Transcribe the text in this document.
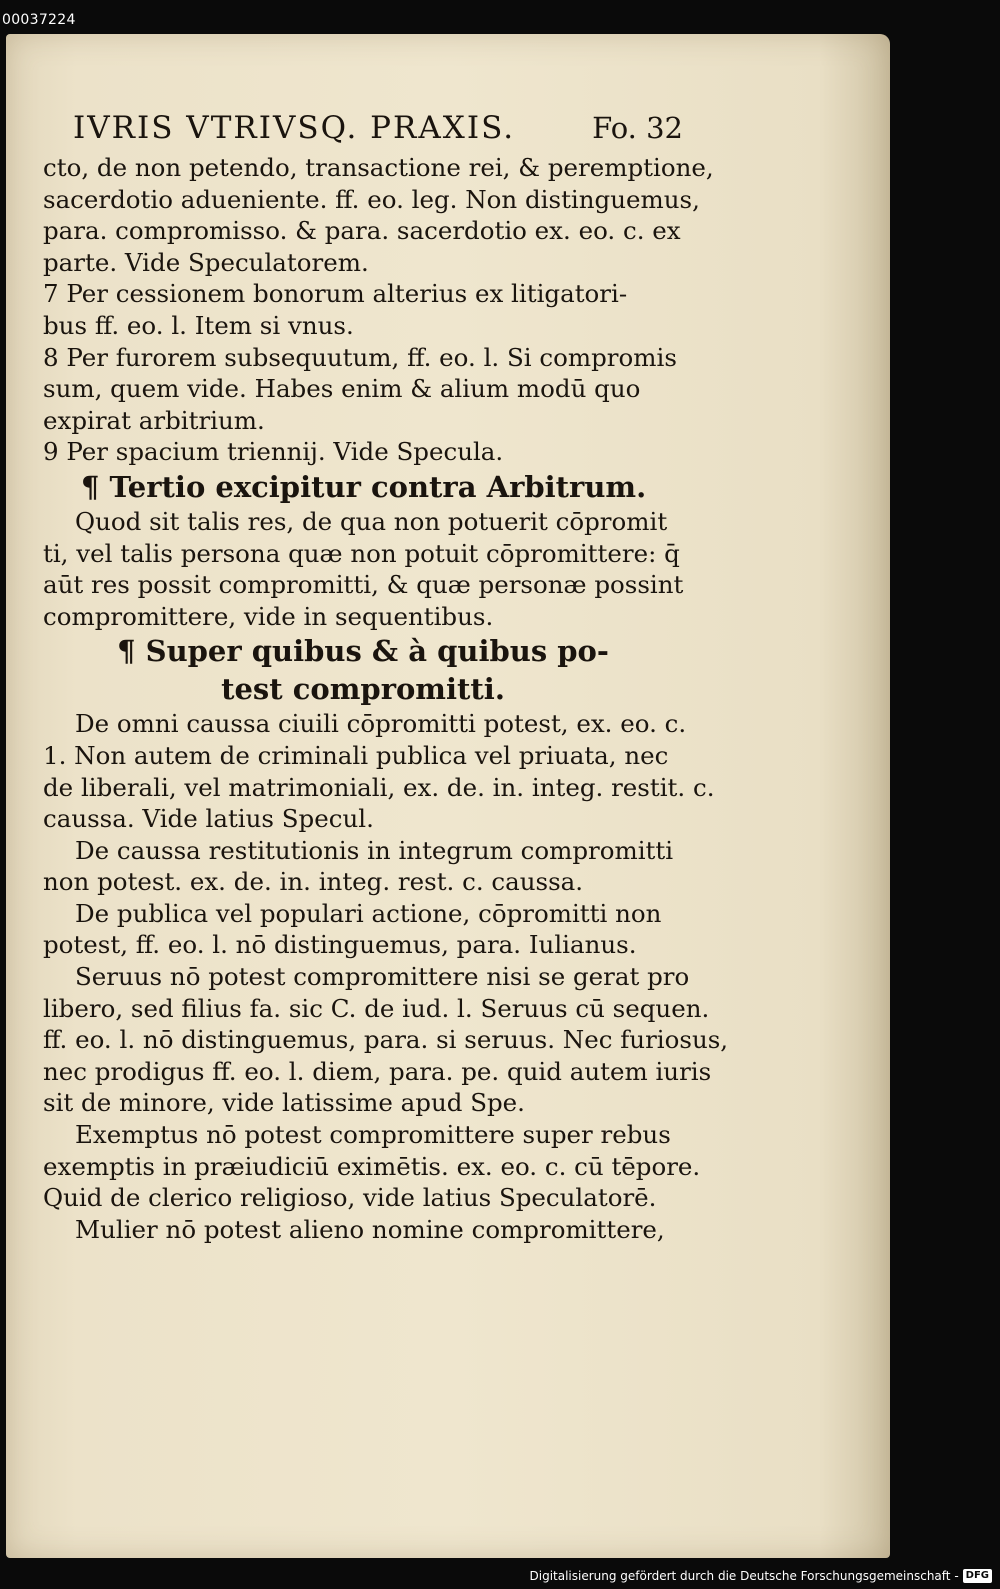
00037224
IVRIS VTRIVSQ. PRAXIS.	Fo. 32

cto, de non petendo, transactione rei, & peremptione,

sacerdotio adueniente. ff. eo. leg. Non distinguemus,

para. compromisso. & para. sacerdotio ex. eo. c. ex

parte. Vide Speculatorem.

7 Per cessionem bonorum alterius ex litigatori-

bus ff. eo. l. Item si vnus.

8 Per furorem subsequutum, ff. eo. l. Si compromis

sum, quem vide. Habes enim & alium modū quo

expirat arbitrium.

9 Per spacium triennij. Vide Specula.

¶ Tertio excipitur contra Arbitrum.

Quod sit talis res, de qua non potuerit cōpromit

ti, vel talis persona quæ non potuit cōpromittere: q̄

aūt res possit compromitti, & quæ personæ possint

compromittere, vide in sequentibus.

¶ Super quibus & à quibus po-

test compromitti.

De omni caussa ciuili cōpromitti potest, ex. eo. c.

1. Non autem de criminali publica vel priuata, nec

de liberali, vel matrimoniali, ex. de. in. integ. restit. c.

caussa. Vide latius Specul.

De caussa restitutionis in integrum compromitti

non potest. ex. de. in. integ. rest. c. caussa.

De publica vel populari actione, cōpromitti non

potest, ff. eo. l. nō distinguemus, para. Iulianus.

Seruus nō potest compromittere nisi se gerat pro

libero, sed filius fa. sic C. de iud. l. Seruus cū sequen.

ff. eo. l. nō distinguemus, para. si seruus. Nec furiosus,

nec prodigus ff. eo. l. diem, para. pe. quid autem iuris

sit de minore, vide latissime apud Spe.

Exemptus nō potest compromittere super rebus

exemptis in præiudiciū eximētis. ex. eo. c. cū tēpore.

Quid de clerico religioso, vide latius Speculatorē.

Mulier nō potest alieno nomine compromittere,

Digitalisierung gefördert durch die Deutsche Forschungsgemeinschaft - DFG
